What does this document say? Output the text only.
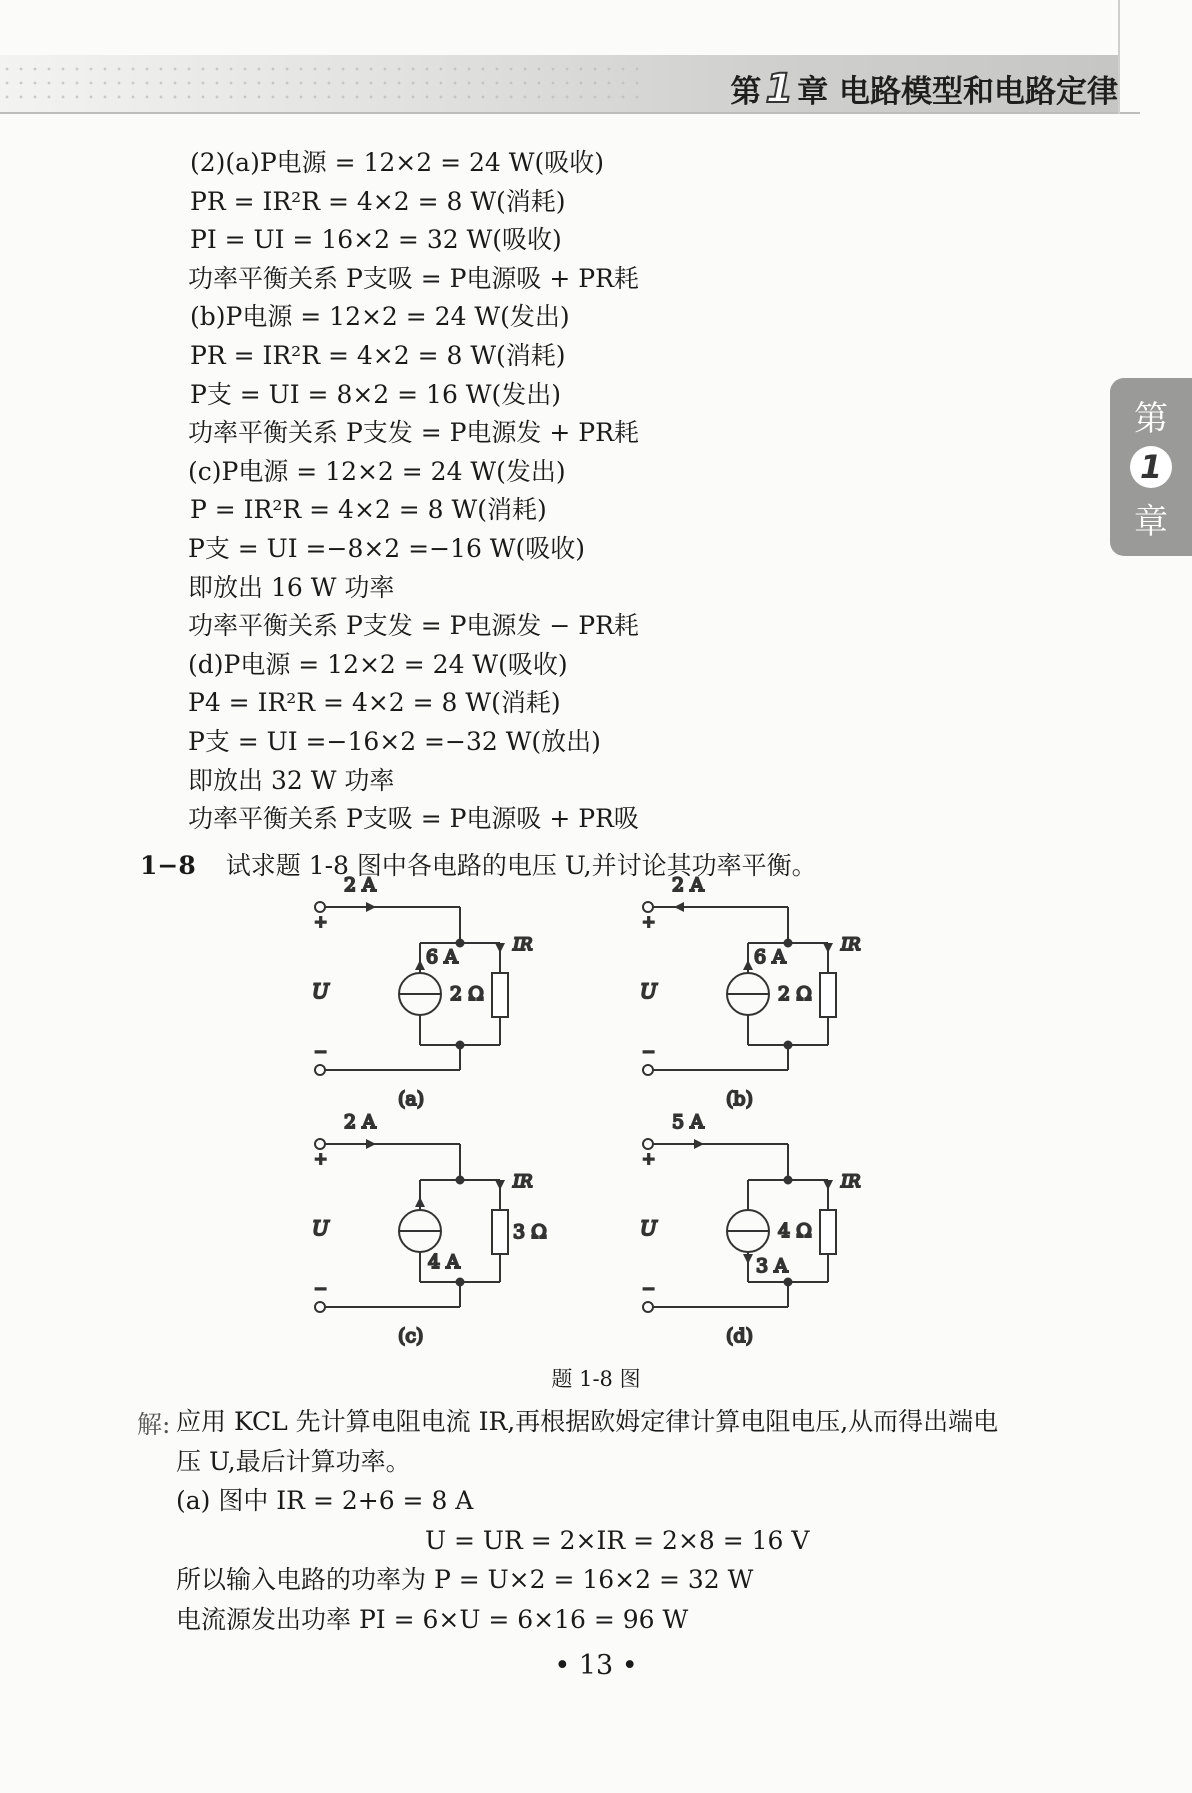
第 1 章 电路模型和电路定律
第
1
章
(2)(a)P电源 = 12×2 = 24 W(吸收)
PR = IR²R = 4×2 = 8 W(消耗)
PI = UI = 16×2 = 32 W(吸收)
功率平衡关系 P支吸 = P电源吸 + PR耗
(b)P电源 = 12×2 = 24 W(发出)
PR = IR²R = 4×2 = 8 W(消耗)
P支 = UI = 8×2 = 16 W(发出)
功率平衡关系 P支发 = P电源发 + PR耗
(c)P电源 = 12×2 = 24 W(发出)
P = IR²R = 4×2 = 8 W(消耗)
P支 = UI =−8×2 =−16 W(吸收)
即放出 16 W 功率
功率平衡关系 P支发 = P电源发 − PR耗
(d)P电源 = 12×2 = 24 W(吸收)
P4 = IR²R = 4×2 = 8 W(消耗)
P支 = UI =−16×2 =−32 W(放出)
即放出 32 W 功率
功率平衡关系 P支吸 = P电源吸 + PR吸
1−8 试求题 1-8 图中各电路的电压 U,并讨论其功率平衡。
2 A
+
−
U
IR
6 A
2 Ω
(a)
2 A
+
−
U
IR
6 A
2 Ω
(b)
2 A
+
−
U
IR
4 A
3 Ω
(c)
5 A
+
−
U
IR
3 A
4 Ω
(d)
题 1-8 图
解: 应用 KCL 先计算电阻电流 IR,再根据欧姆定律计算电阻电压,从而得出端电
压 U,最后计算功率。
(a) 图中 IR = 2+6 = 8 A
U = UR = 2×IR = 2×8 = 16 V
所以输入电路的功率为 P = U×2 = 16×2 = 32 W
电流源发出功率 PI = 6×U = 6×16 = 96 W
• 13 •
